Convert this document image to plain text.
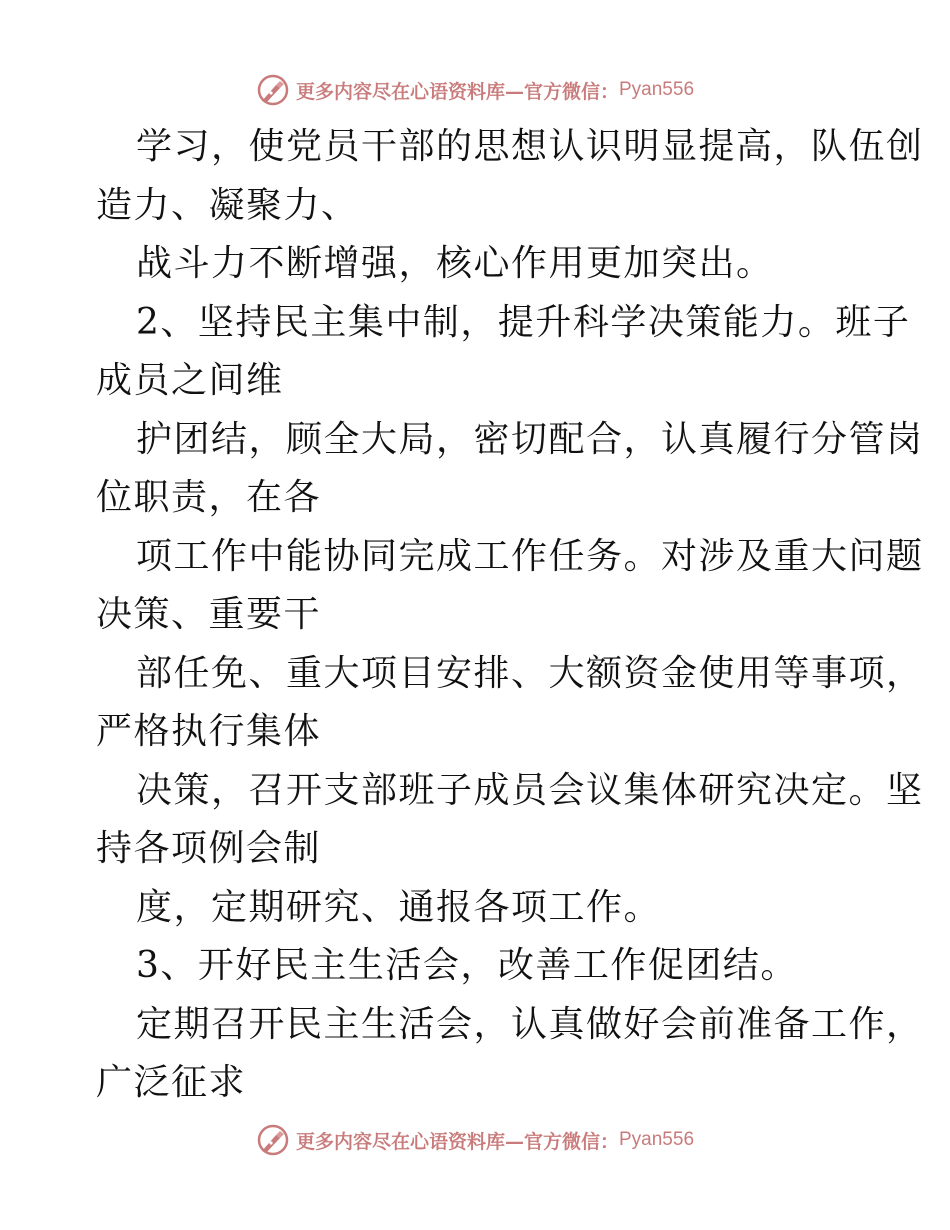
更多内容尽在心语资料库—官方微信： Pyan556
学习，使党员干部的思想认识明显提高，队伍创
造力、凝聚力、
战斗力不断增强，核心作用更加突出。
2、坚持民主集中制，提升科学决策能力。班子
成员之间维
护团结，顾全大局，密切配合，认真履行分管岗
位职责，在各
项工作中能协同完成工作任务。对涉及重大问题
决策、重要干
部任免、重大项目安排、大额资金使用等事项，
严格执行集体
决策，召开支部班子成员会议集体研究决定。坚
持各项例会制
度，定期研究、通报各项工作。
3、开好民主生活会，改善工作促团结。
定期召开民主生活会，认真做好会前准备工作，
广泛征求
更多内容尽在心语资料库—官方微信： Pyan556
